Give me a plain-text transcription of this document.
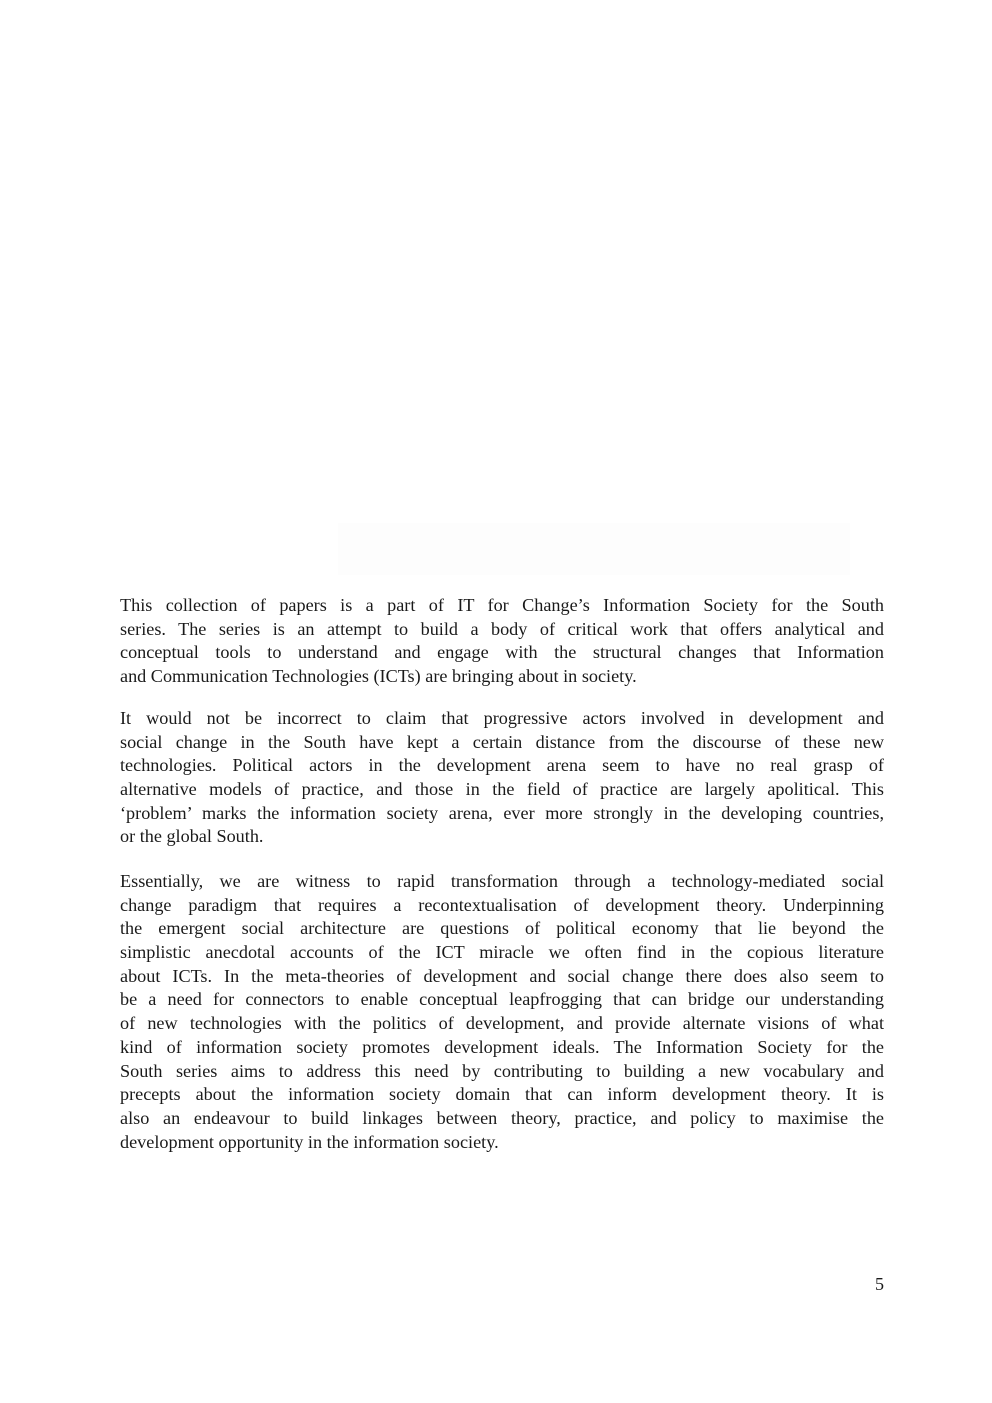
This collection of papers is a part of IT for Change’s Information Society for the South
series. The series is an attempt to build a body of critical work that offers analytical and
conceptual tools to understand and engage with the structural changes that Information
and Communication Technologies (ICTs) are bringing about in society.
It would not be incorrect to claim that progressive actors involved in development and
social change in the South have kept a certain distance from the discourse of these new
technologies. Political actors in the development arena seem to have no real grasp of
alternative models of practice, and those in the field of practice are largely apolitical. This
‘problem’ marks the information society arena, ever more strongly in the developing countries,
or the global South.
Essentially, we are witness to rapid transformation through a technology-mediated social
change paradigm that requires a recontextualisation of development theory. Underpinning
the emergent social architecture are questions of political economy that lie beyond the
simplistic anecdotal accounts of the ICT miracle we often find in the copious literature
about ICTs. In the meta-theories of development and social change there does also seem to
be a need for connectors to enable conceptual leapfrogging that can bridge our understanding
of new technologies with the politics of development, and provide alternate visions of what
kind of information society promotes development ideals. The Information Society for the
South series aims to address this need by contributing to building a new vocabulary and
precepts about the information society domain that can inform development theory. It is
also an endeavour to build linkages between theory, practice, and policy to maximise the
development opportunity in the information society.
5
